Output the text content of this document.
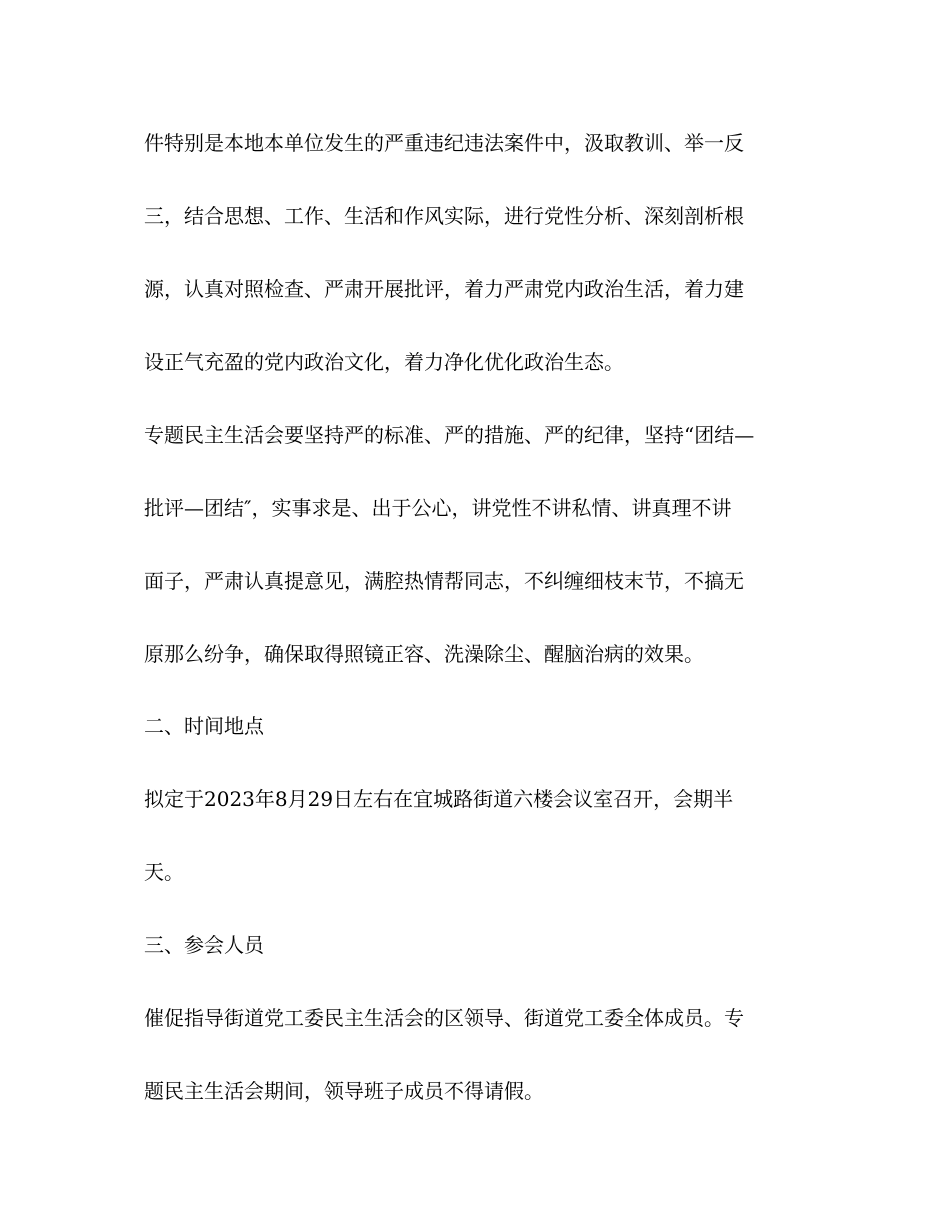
件特别是本地本单位发生的严重违纪违法案件中，汲取教训、举一反
三，结合思想、工作、生活和作风实际，进行党性分析、深刻剖析根
源，认真对照检查、严肃开展批评，着力严肃党内政治生活，着力建
设正气充盈的党内政治文化，着力净化优化政治生态。
专题民主生活会要坚持严的标准、严的措施、严的纪律，坚持“团结—
批评—团结″，实事求是、出于公心，讲党性不讲私情、讲真理不讲
面子，严肃认真提意见，满腔热情帮同志，不纠缠细枝末节，不搞无
原那么纷争，确保取得照镜正容、洗澡除尘、醒脑治病的效果。
二、时间地点
拟定于2023年8月29日左右在宜城路街道六楼会议室召开，会期半
天。
三、参会人员
催促指导街道党工委民主生活会的区领导、街道党工委全体成员。专
题民主生活会期间，领导班子成员不得请假。
